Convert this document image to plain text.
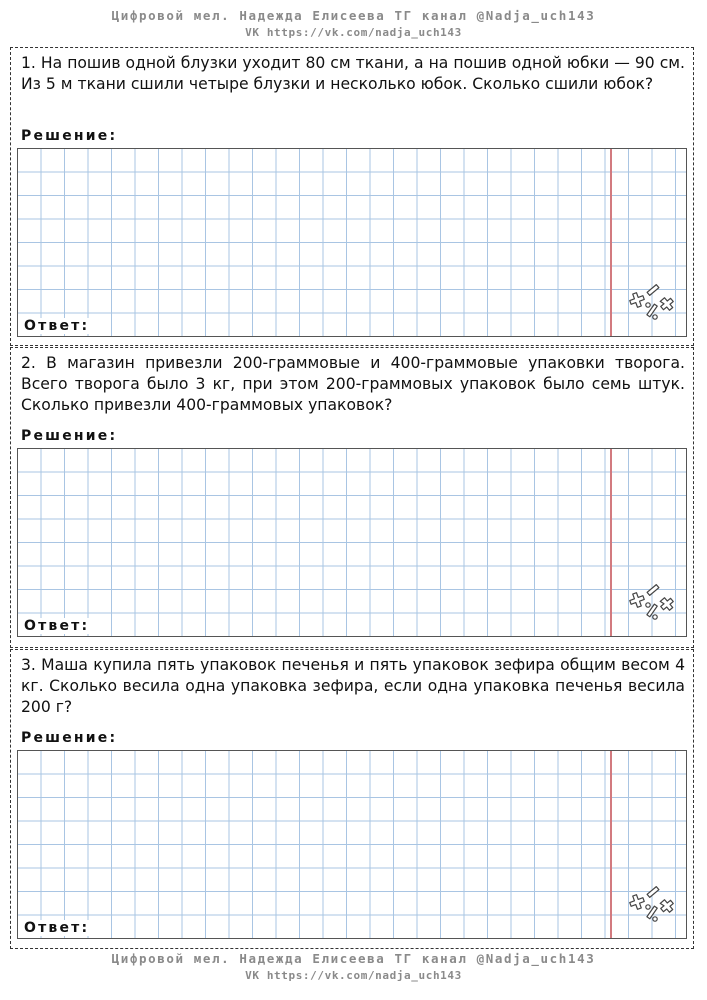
Цифровой мел. Надежда Елисеева ТГ канал @Nadja_uch143
VK https://vk.com/nadja_uch143
1. На пошив одной блузки уходит 80 см ткани, а на пошив одной юбки — 90 см. Из 5 м ткани сшили четыре блузки и несколько юбок. Сколько сшили юбок?
Решение:
Ответ:
2. В магазин привезли 200-граммовые и 400-граммовые упаковки творога. Всего творога было 3 кг, при этом 200-граммовых упаковок было семь штук. Сколько привезли 400-граммовых упаковок?
Решение:
Ответ:
3. Маша купила пять упаковок печенья и пять упаковок зефира общим весом 4 кг. Сколько весила одна упаковка зефира, если одна упаковка печенья весила 200 г?
Решение:
Ответ:
Цифровой мел. Надежда Елисеева ТГ канал @Nadja_uch143
VK https://vk.com/nadja_uch143
